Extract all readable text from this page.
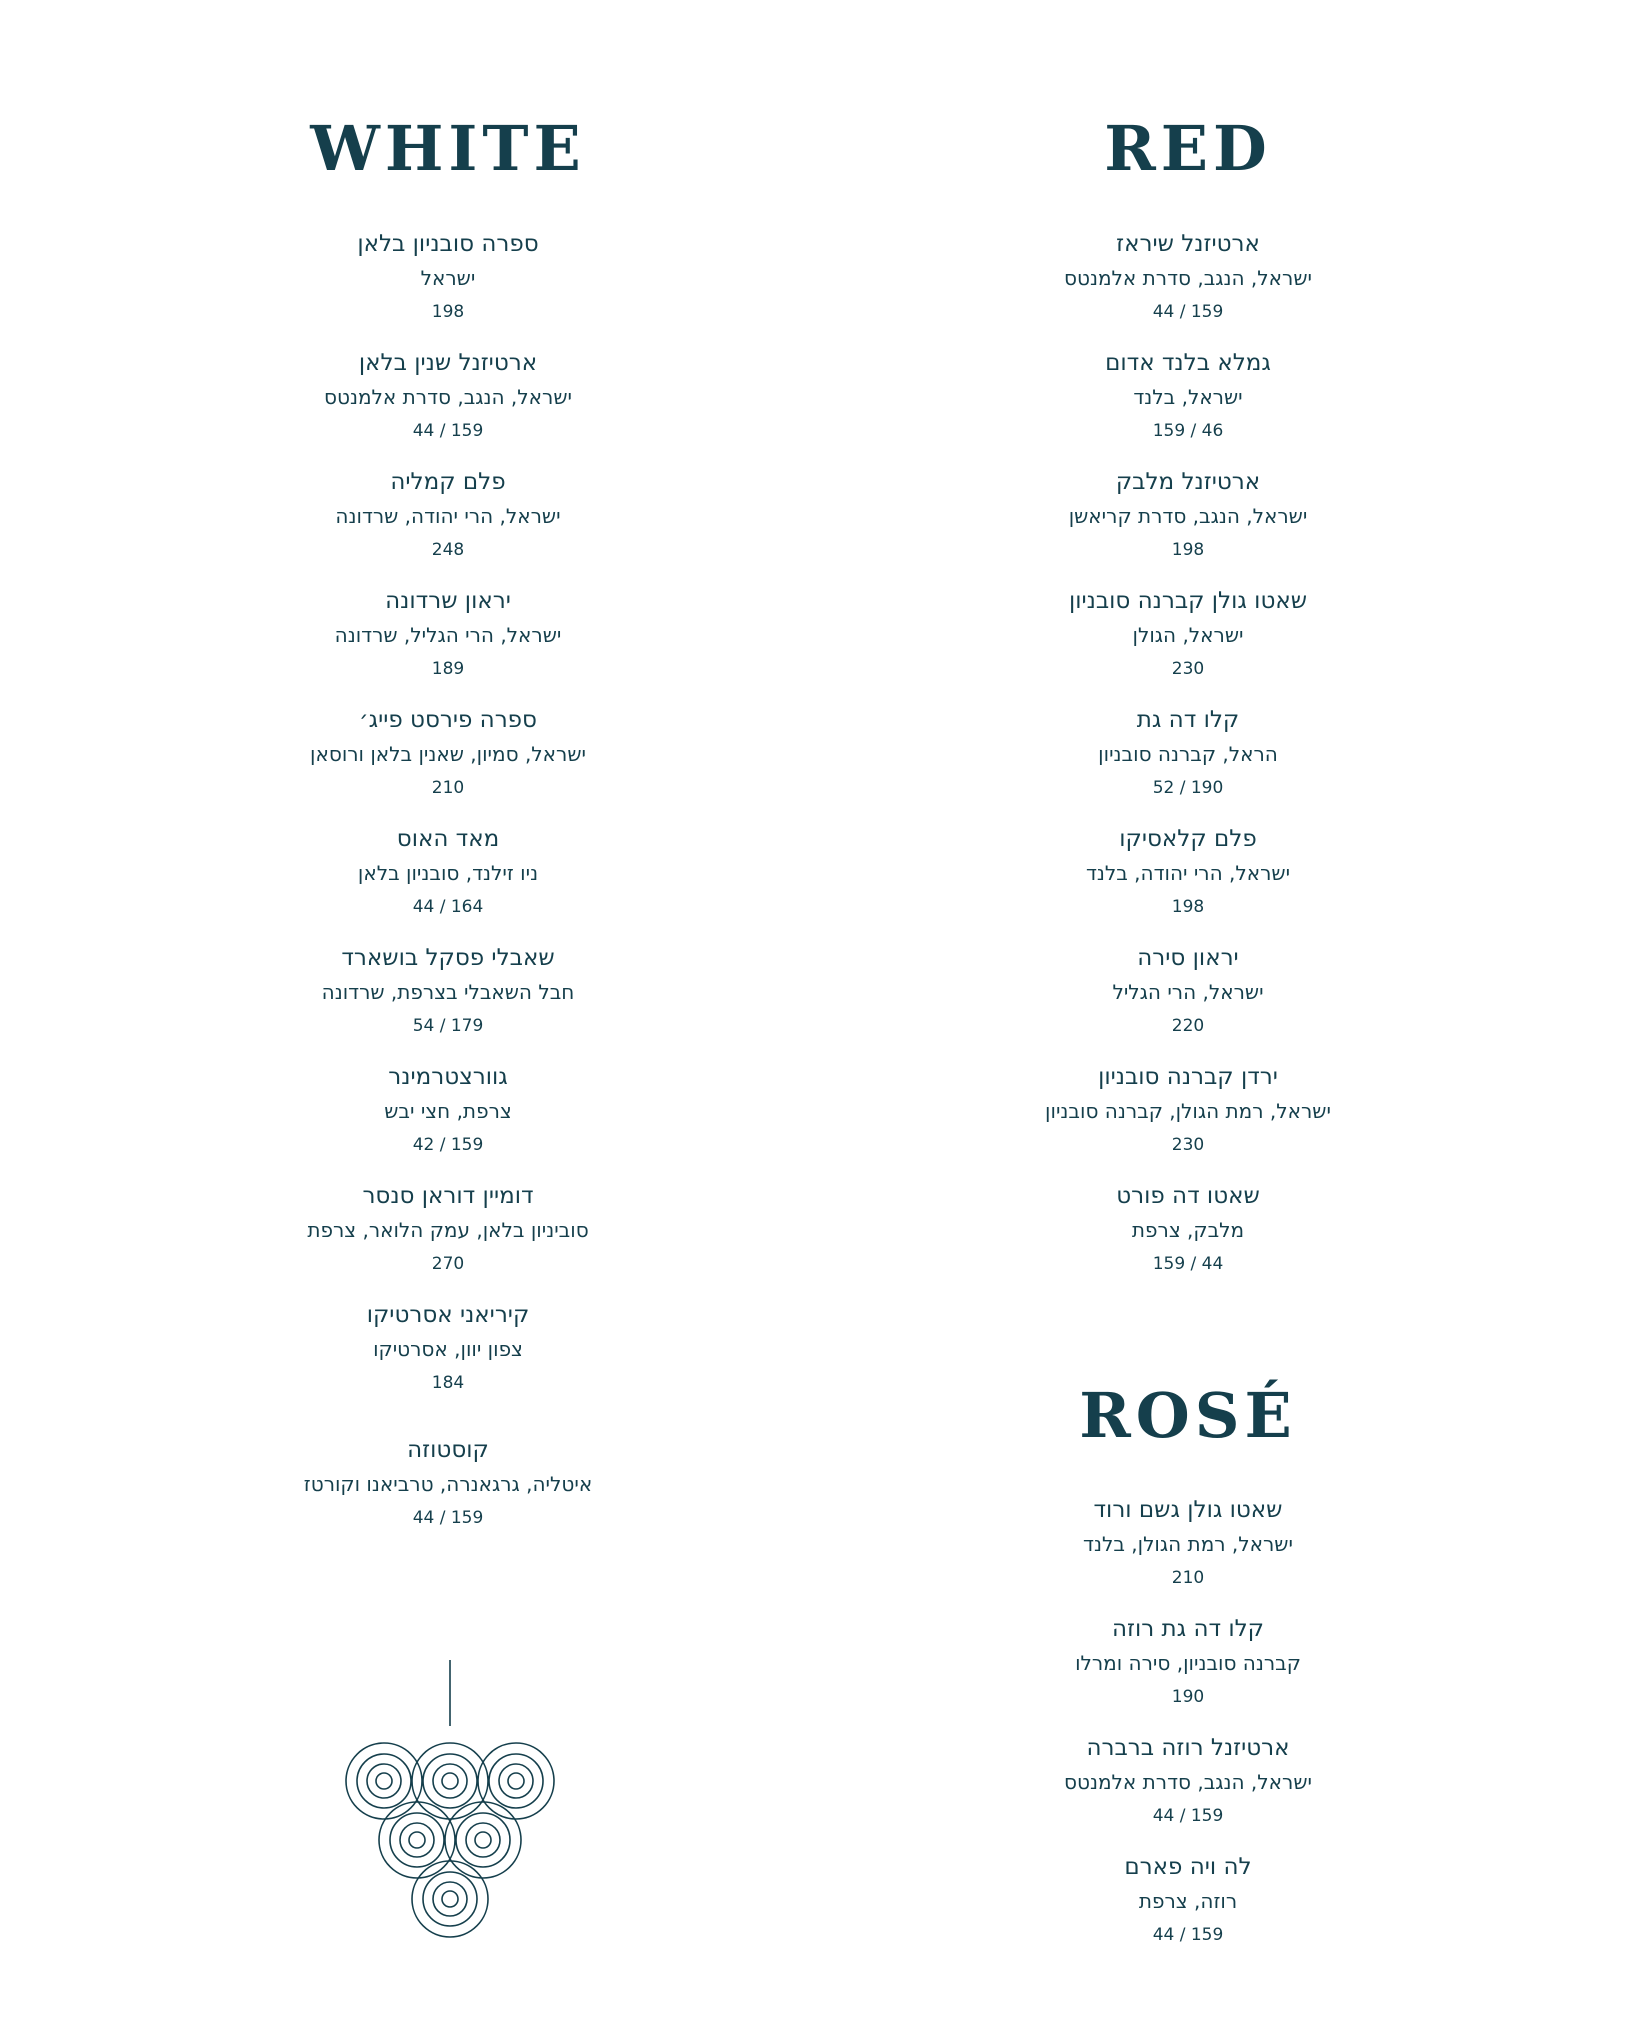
WHITE
ספרה סובניון בלאן
ישראל
198
ארטיזנל שנין בלאן
ישראל, הנגב, סדרת אלמנטס
44 / 159
פלם קמליה
ישראל, הרי יהודה, שרדונה
248
יראון שרדונה
ישראל, הרי הגליל, שרדונה
189
ספרה פירסט פייג׳
ישראל, סמיון, שאנין בלאן ורוסאן
210
מאד האוס
ניו זילנד, סובניון בלאן
44 / 164
שאבלי פסקל בושארד
חבל השאבלי בצרפת, שרדונה
54 / 179
גוורצטרמינר
צרפת, חצי יבש
42 / 159
דומיין דוראן סנסר
סוביניון בלאן, עמק הלואר, צרפת
270
קיריאני אסרטיקו
צפון יוון, אסרטיקו
184
קוסטוזה
איטליה, גרגאנרה, טרביאנו וקורטז
44 / 159
RED
ארטיזנל שיראז
ישראל, הנגב, סדרת אלמנטס
44 / 159
גמלא בלנד אדום
ישראל, בלנד
159 / 46
ארטיזנל מלבק
ישראל, הנגב, סדרת קריאשן
198
שאטו גולן קברנה סובניון
ישראל, הגולן
230
קלו דה גת
הראל, קברנה סובניון
52 / 190
פלם קלאסיקו
ישראל, הרי יהודה, בלנד
198
יראון סירה
ישראל, הרי הגליל
220
ירדן קברנה סובניון
ישראל, רמת הגולן, קברנה סובניון
230
שאטו דה פורט
מלבק, צרפת
159 / 44
ROSÉ
שאטו גולן גשם ורוד
ישראל, רמת הגולן, בלנד
210
קלו דה גת רוזה
קברנה סובניון, סירה ומרלו
190
ארטיזנל רוזה ברברה
ישראל, הנגב, סדרת אלמנטס
44 / 159
לה ויה פארם
רוזה, צרפת
44 / 159
